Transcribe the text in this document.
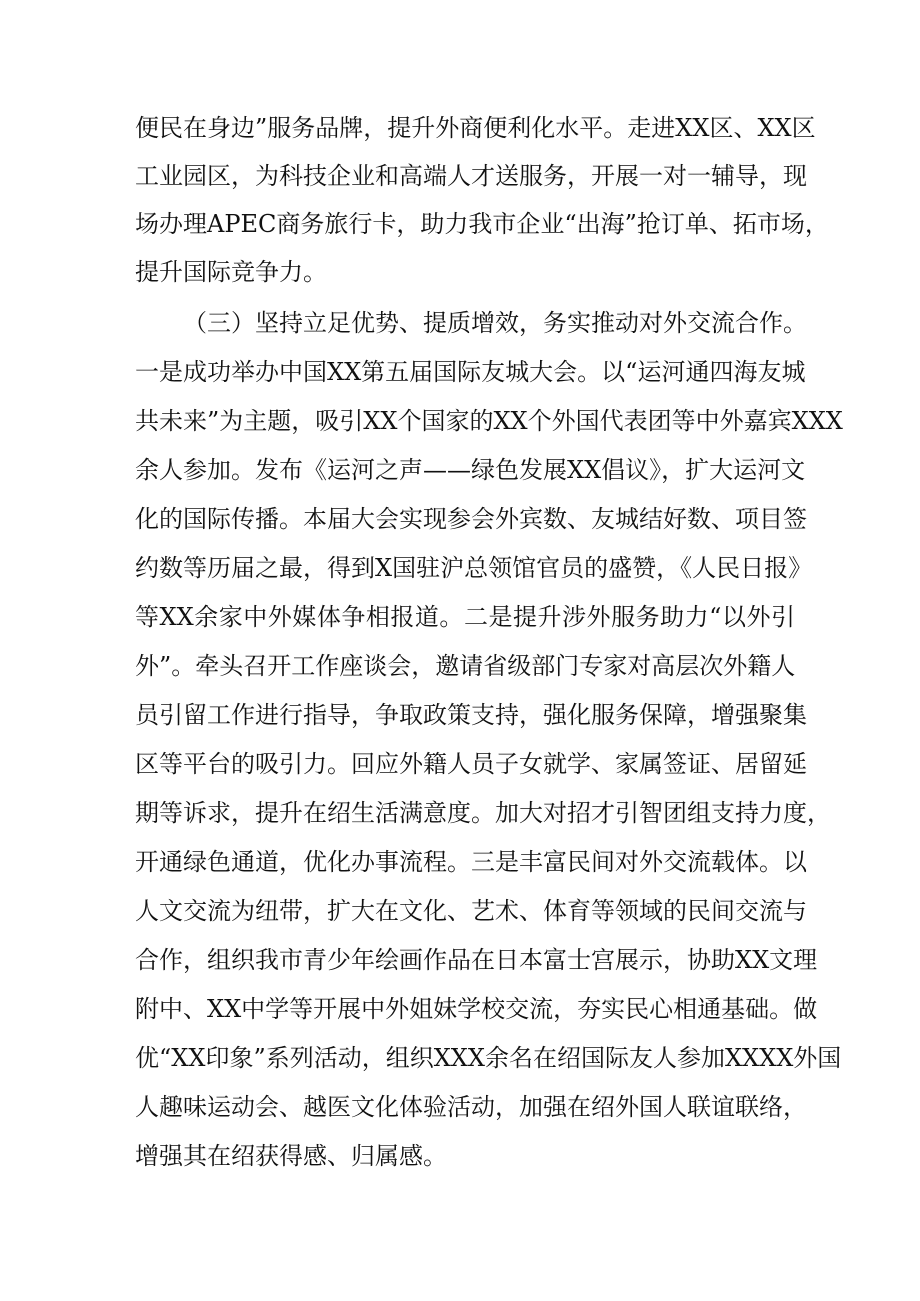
便民在身边”服务品牌，提升外商便利化水平。走进XX区、XX区
工业园区，为科技企业和高端人才送服务，开展一对一辅导，现
场办理APEC商务旅行卡，助力我市企业“出海”抢订单、拓市场，
提升国际竞争力。
（三）坚持立足优势、提质增效，务实推动对外交流合作。
一是成功举办中国XX第五届国际友城大会。以“运河通四海友城
共未来”为主题，吸引XX个国家的XX个外国代表团等中外嘉宾XXX
余人参加。发布《运河之声——绿色发展XX倡议》，扩大运河文
化的国际传播。本届大会实现参会外宾数、友城结好数、项目签
约数等历届之最，得到X国驻沪总领馆官员的盛赞，《人民日报》
等XX余家中外媒体争相报道。二是提升涉外服务助力“以外引
外”。牵头召开工作座谈会，邀请省级部门专家对高层次外籍人
员引留工作进行指导，争取政策支持，强化服务保障，增强聚集
区等平台的吸引力。回应外籍人员子女就学、家属签证、居留延
期等诉求，提升在绍生活满意度。加大对招才引智团组支持力度，
开通绿色通道，优化办事流程。三是丰富民间对外交流载体。以
人文交流为纽带，扩大在文化、艺术、体育等领域的民间交流与
合作，组织我市青少年绘画作品在日本富士宫展示，协助XX文理
附中、XX中学等开展中外姐妹学校交流，夯实民心相通基础。做
优“XX印象”系列活动，组织XXX余名在绍国际友人参加XXXX外国
人趣味运动会、越医文化体验活动，加强在绍外国人联谊联络，
增强其在绍获得感、归属感。
